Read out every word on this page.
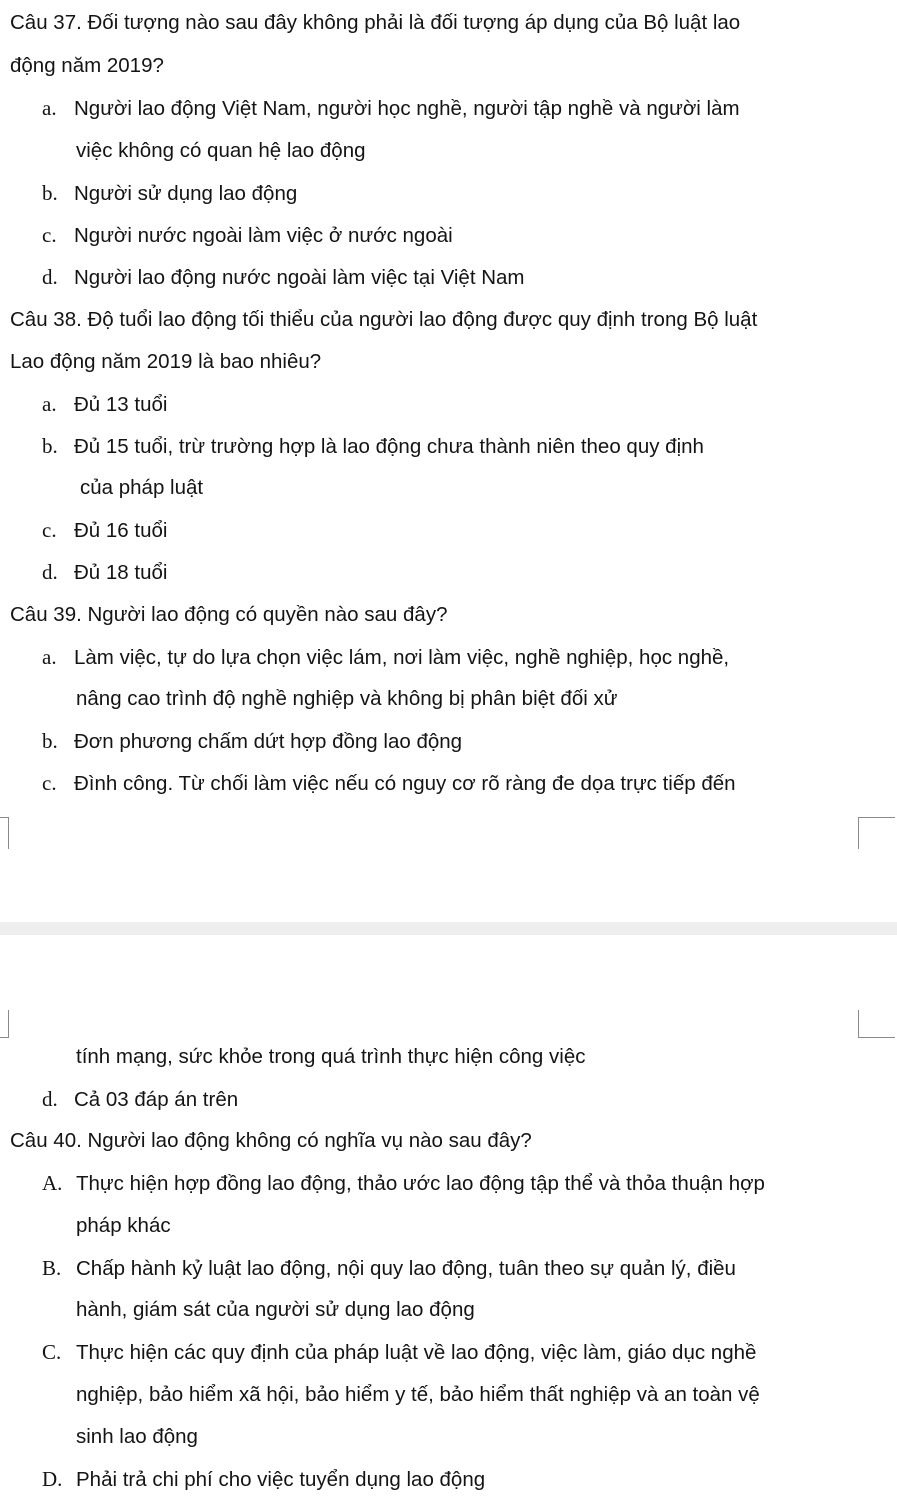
Câu 37. Đối tượng nào sau đây không phải là đối tượng áp dụng của Bộ luật lao
động năm 2019?
a. Người lao động Việt Nam, người học nghề, người tập nghề và người làm
việc không có quan hệ lao động
b. Người sử dụng lao động
c. Người nước ngoài làm việc ở nước ngoài
d. Người lao động nước ngoài làm việc tại Việt Nam
Câu 38. Độ tuổi lao động tối thiểu của người lao động được quy định trong Bộ luật
Lao động năm 2019 là bao nhiêu?
a. Đủ 13 tuổi
b. Đủ 15 tuổi, trừ trường hợp là lao động chưa thành niên theo quy định
của pháp luật
c. Đủ 16 tuổi
d. Đủ 18 tuổi
Câu 39. Người lao động có quyền nào sau đây?
a. Làm việc, tự do lựa chọn việc lám, nơi làm việc, nghề nghiệp, học nghề,
nâng cao trình độ nghề nghiệp và không bị phân biệt đối xử
b. Đơn phương chấm dứt hợp đồng lao động
c. Đình công. Từ chối làm việc nếu có nguy cơ rõ ràng đe dọa trực tiếp đến
tính mạng, sức khỏe trong quá trình thực hiện công việc
d. Cả 03 đáp án trên
Câu 40. Người lao động không có nghĩa vụ nào sau đây?
A. Thực hiện hợp đồng lao động, thảo ước lao động tập thể và thỏa thuận hợp
pháp khác
B. Chấp hành kỷ luật lao động, nội quy lao động, tuân theo sự quản lý, điều
hành, giám sát của người sử dụng lao động
C. Thực hiện các quy định của pháp luật về lao động, việc làm, giáo dục nghề
nghiệp, bảo hiểm xã hội, bảo hiểm y tế, bảo hiểm thất nghiệp và an toàn vệ
sinh lao động
D. Phải trả chi phí cho việc tuyển dụng lao động
